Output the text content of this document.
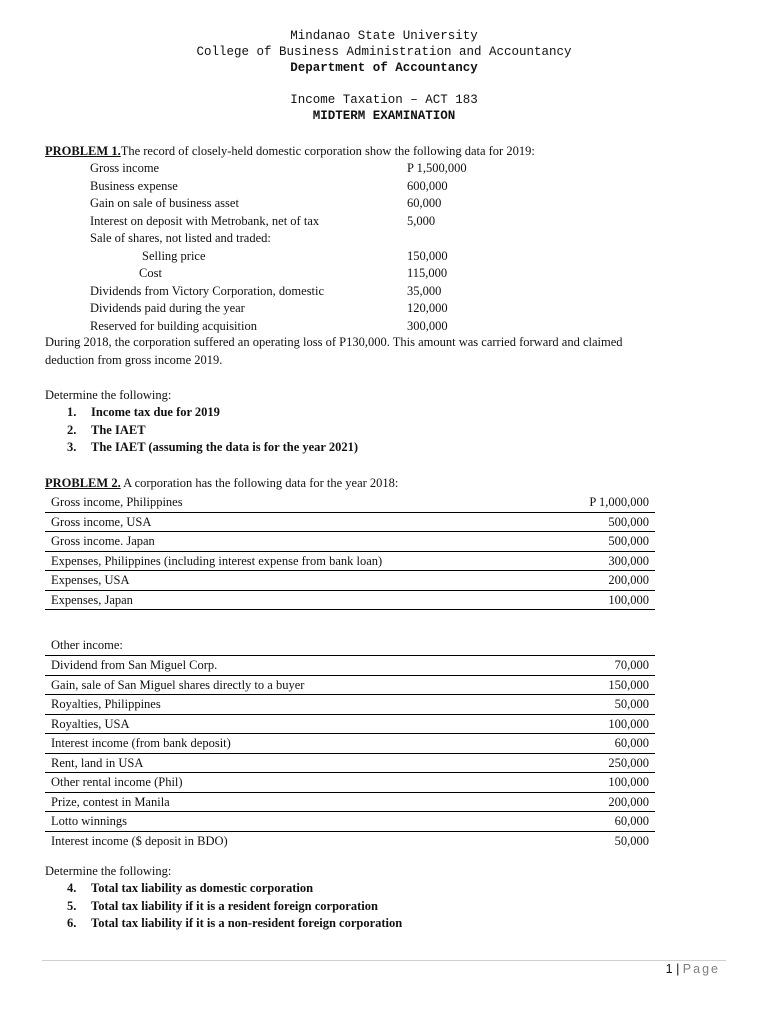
Mindanao State University
College of Business Administration and Accountancy
Department of Accountancy
Income Taxation – ACT 183
MIDTERM EXAMINATION
PROBLEM 1.The record of closely-held domestic corporation show the following data for 2019:
Gross income	P 1,500,000
Business expense	600,000
Gain on sale of business asset	60,000
Interest on deposit with Metrobank, net of tax	5,000
Sale of shares, not listed and traded:
Selling price	150,000
Cost	115,000
Dividends from Victory Corporation, domestic	35,000
Dividends paid during the year	120,000
Reserved for building acquisition	300,000
During 2018, the corporation suffered an operating loss of P130,000. This amount was carried forward and claimed
deduction from gross income 2019.
Determine the following:
1. Income tax due for 2019
2. The IAET
3. The IAET (assuming the data is for the year 2021)
PROBLEM 2. A corporation has the following data for the year 2018:
Gross income, Philippines	P 1,000,000
Gross income, USA	500,000
Gross income. Japan	500,000
Expenses, Philippines (including interest expense from bank loan)	300,000
Expenses, USA	200,000
Expenses, Japan	100,000
Other income:
Dividend from San Miguel Corp.	70,000
Gain, sale of San Miguel shares directly to a buyer	150,000
Royalties, Philippines	50,000
Royalties, USA	100,000
Interest income (from bank deposit)	60,000
Rent, land in USA	250,000
Other rental income (Phil)	100,000
Prize, contest in Manila	200,000
Lotto winnings	60,000
Interest income ($ deposit in BDO)	50,000
Determine the following:
4. Total tax liability as domestic corporation
5. Total tax liability if it is a resident foreign corporation
6. Total tax liability if it is a non-resident foreign corporation
1 | Page
